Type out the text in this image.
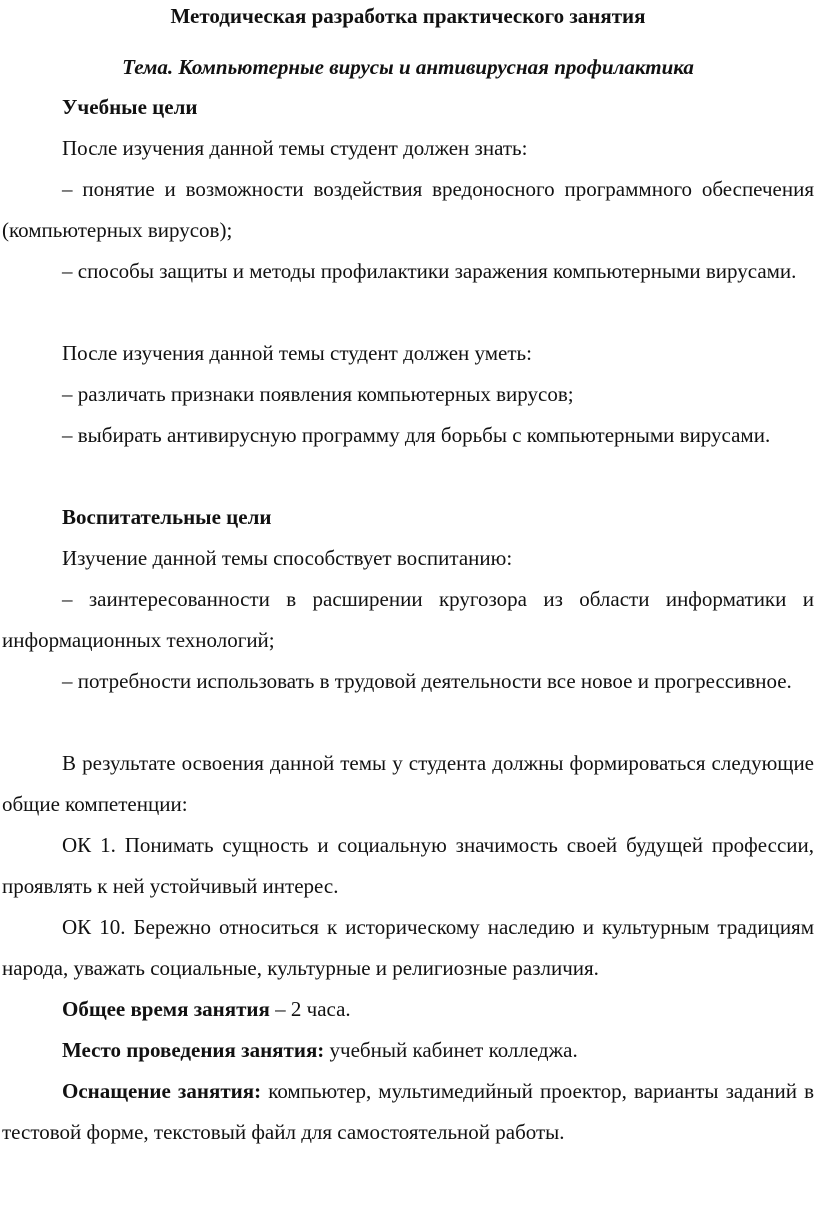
Методическая разработка практического занятия

Тема. Компьютерные вирусы и антивирусная профилактика

Учебные цели

После изучения данной темы студент должен знать:

– понятие и возможности воздействия вредоносного программного обеспечения (компьютерных вирусов);

– способы защиты и методы профилактики заражения компьютерными вирусами.

После изучения данной темы студент должен уметь:

– различать признаки появления компьютерных вирусов;

– выбирать антивирусную программу для борьбы с компьютерными вирусами.

Воспитательные цели

Изучение данной темы способствует воспитанию:

– заинтересованности в расширении кругозора из области информатики и информационных технологий;

– потребности использовать в трудовой деятельности все новое и прогрессивное.

В результате освоения данной темы у студента должны формироваться следующие общие компетенции:

ОК 1. Понимать сущность и социальную значимость своей будущей профессии, проявлять к ней устойчивый интерес.

ОК 10. Бережно относиться к историческому наследию и культурным традициям народа, уважать социальные, культурные и религиозные различия.

Общее время занятия – 2 часа.

Место проведения занятия: учебный кабинет колледжа.

Оснащение занятия: компьютер, мультимедийный проектор, варианты заданий в тестовой форме, текстовый файл для самостоятельной работы.
